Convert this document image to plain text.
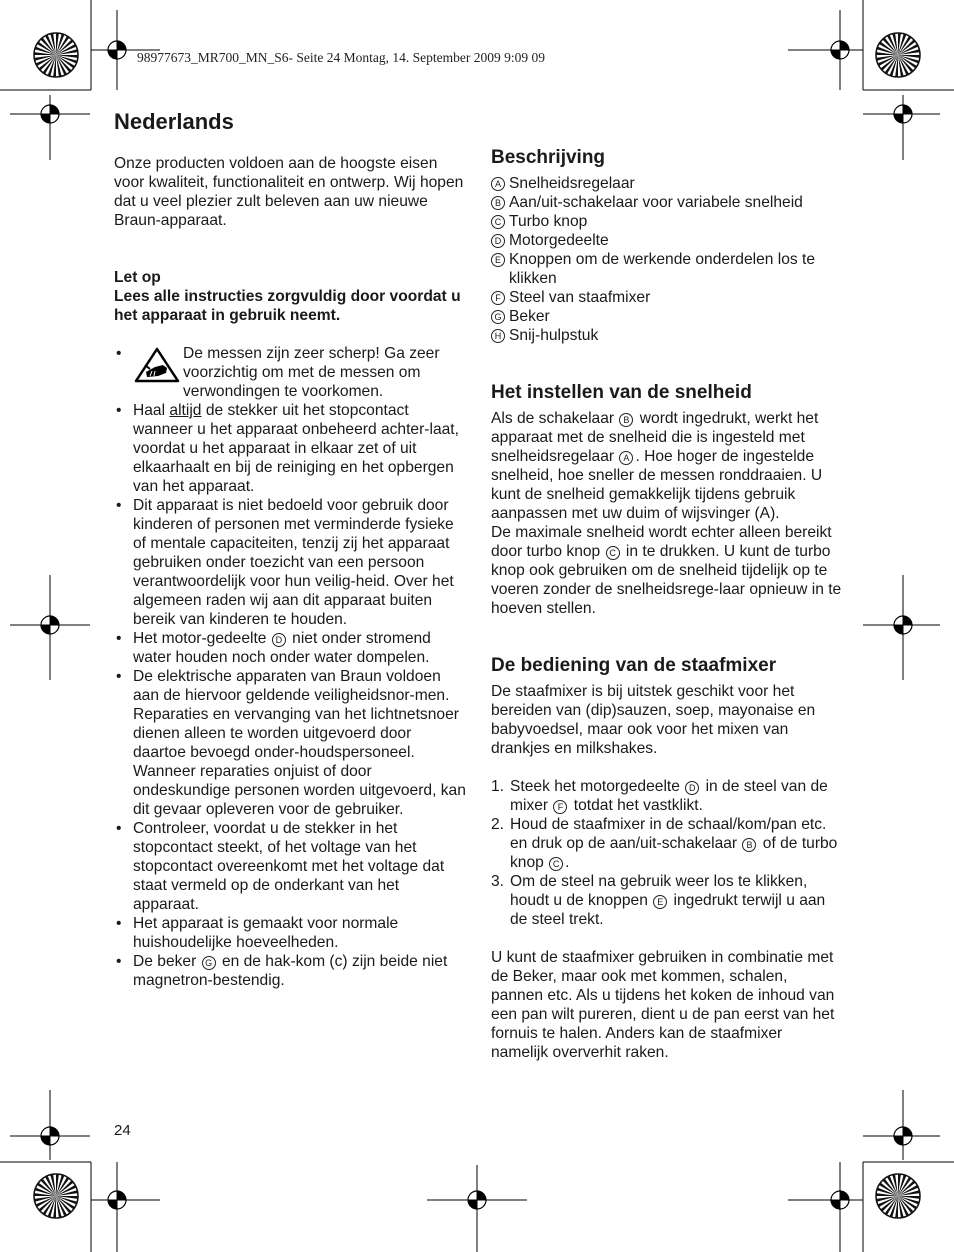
98977673_MR700_MN_S6- Seite 24 Montag, 14. September 2009 9:09 09
Nederlands

Onze producten voldoen aan de hoogste eisen voor kwaliteit, functionaliteit en ontwerp. Wij hopen dat u veel plezier zult beleven aan uw nieuwe Braun-apparaat.

Let op

Lees alle instructies zorgvuldig door voordat u het apparaat in gebruik neemt.

• De messen zijn zeer scherp! Ga zeer voorzichtig om met de messen om verwondingen te voorkomen.
• Haal altijd de stekker uit het stopcontact wanneer u het apparaat onbeheerd achter-laat, voordat u het apparaat in elkaar zet of uit elkaarhaalt en bij de reiniging en het opbergen van het apparaat.
• Dit apparaat is niet bedoeld voor gebruik door kinderen of personen met verminderde fysieke of mentale capaciteiten, tenzij zij het apparaat gebruiken onder toezicht van een persoon verantwoordelijk voor hun veilig-heid. Over het algemeen raden wij aan dit apparaat buiten bereik van kinderen te houden.
• Het motor-gedeelte D niet onder stromend water houden noch onder water dompelen.
• De elektrische apparaten van Braun voldoen aan de hiervoor geldende veiligheidsnor-men. Reparaties en vervanging van het lichtnetsnoer dienen alleen te worden uitgevoerd door daartoe bevoegd onder-houdspersoneel. Wanneer reparaties onjuist of door ondeskundige personen worden uitgevoerd, kan dit gevaar opleveren voor de gebruiker.
• Controleer, voordat u de stekker in het stopcontact steekt, of het voltage van het stopcontact overeenkomt met het voltage dat staat vermeld op de onderkant van het apparaat.
• Het apparaat is gemaakt voor normale huishoudelijke hoeveelheden.
• De beker G en de hak-kom (c) zijn beide niet magnetron-bestendig.
Beschrijving
A Snelheidsregelaar
B Aan/uit-schakelaar voor variabele snelheid
C Turbo knop
D Motorgedeelte
E Knoppen om de werkende onderdelen los te klikken
F Steel van staafmixer
G Beker
H Snij-hulpstuk
Het instellen van de snelheid

Als de schakelaar B wordt ingedrukt, werkt het apparaat met de snelheid die is ingesteld met snelheidsregelaar A . Hoe hoger de ingestelde snelheid, hoe sneller de messen ronddraaien. U kunt de snelheid gemakkelijk tijdens gebruik aanpassen met uw duim of wijsvinger (A).

De maximale snelheid wordt echter alleen bereikt door turbo knop C in te drukken. U kunt de turbo knop ook gebruiken om de snelheid tijdelijk op te voeren zonder de snelheidsrege-laar opnieuw in te hoeven stellen.

De bediening van de staafmixer

De staafmixer is bij uitstek geschikt voor het bereiden van (dip)sauzen, soep, mayonaise en babyvoedsel, maar ook voor het mixen van drankjes en milkshakes.

1. Steek het motorgedeelte D in de steel van de mixer F totdat het vastklikt.
2. Houd de staafmixer in de schaal/kom/pan etc. en druk op de aan/uit-schakelaar B of de turbo knop C .
3. Om de steel na gebruik weer los te klikken, houdt u de knoppen E ingedrukt terwijl u aan de steel trekt.

U kunt de staafmixer gebruiken in combinatie met de Beker, maar ook met kommen, schalen, pannen etc. Als u tijdens het koken de inhoud van een pan wilt pureren, dient u de pan eerst van het fornuis te halen. Anders kan de staafmixer namelijk oververhit raken.

24
